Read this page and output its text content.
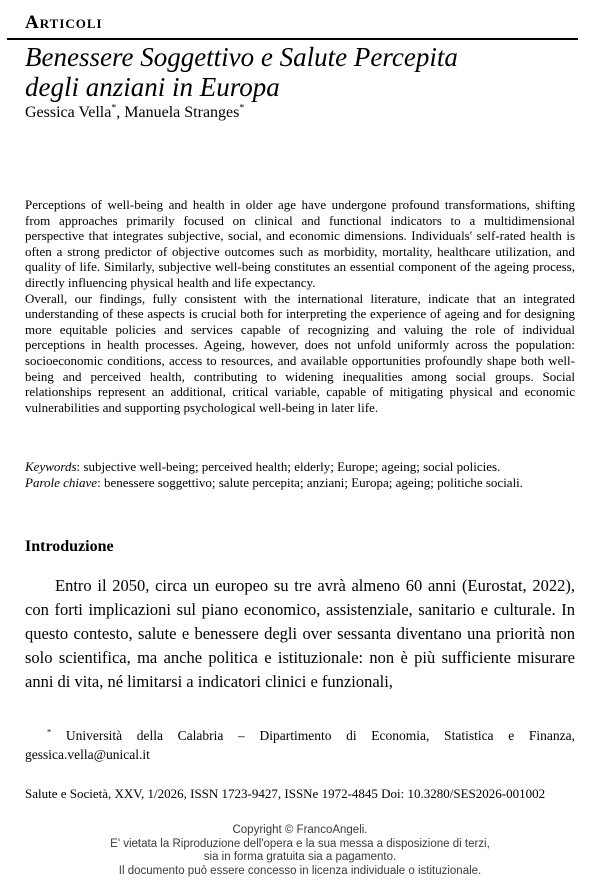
Articoli
Benessere Soggettivo e Salute Percepita
degli anziani in Europa
Gessica Vella*, Manuela Stranges*

Perceptions of well-being and health in older age have undergone profound transformations, shifting from approaches primarily focused on clinical and functional indicators to a multidimensional perspective that integrates subjective, social, and economic dimensions. Individuals' self-rated health is often a strong predictor of objective outcomes such as morbidity, mortality, healthcare utilization, and quality of life. Similarly, subjective well-being constitutes an essential component of the ageing process, directly influencing physical health and life expectancy.

Overall, our findings, fully consistent with the international literature, indicate that an integrated understanding of these aspects is crucial both for interpreting the experience of ageing and for designing more equitable policies and services capable of recognizing and valuing the role of individual perceptions in health processes. Ageing, however, does not unfold uniformly across the population: socioeconomic conditions, access to resources, and available opportunities profoundly shape both well-being and perceived health, contributing to widening inequalities among social groups. Social relationships represent an additional, critical variable, capable of mitigating physical and economic vulnerabilities and supporting psychological well-being in later life.

Keywords: subjective well-being; perceived health; elderly; Europe; ageing; social policies.
Parole chiave: benessere soggettivo; salute percepita; anziani; Europa; ageing; politiche sociali.
Introduzione
Entro il 2050, circa un europeo su tre avrà almeno 60 anni (Eurostat, 2022), con forti implicazioni sul piano economico, assistenziale, sanitario e culturale. In questo contesto, salute e benessere degli over sessanta diventano una priorità non solo scientifica, ma anche politica e istituzionale: non è più sufficiente misurare anni di vita, né limitarsi a indicatori clinici e funzionali,
* Università della Calabria – Dipartimento di Economia, Statistica e Finanza, gessica.vella@unical.it
Salute e Società, XXV, 1/2026, ISSN 1723-9427, ISSNe 1972-4845 Doi: 10.3280/SES2026-001002
Copyright © FrancoAngeli.
E' vietata la Riproduzione dell'opera e la sua messa a disposizione di terzi,
sia in forma gratuita sia a pagamento.
Il documento può essere concesso in licenza individuale o istituzionale.
